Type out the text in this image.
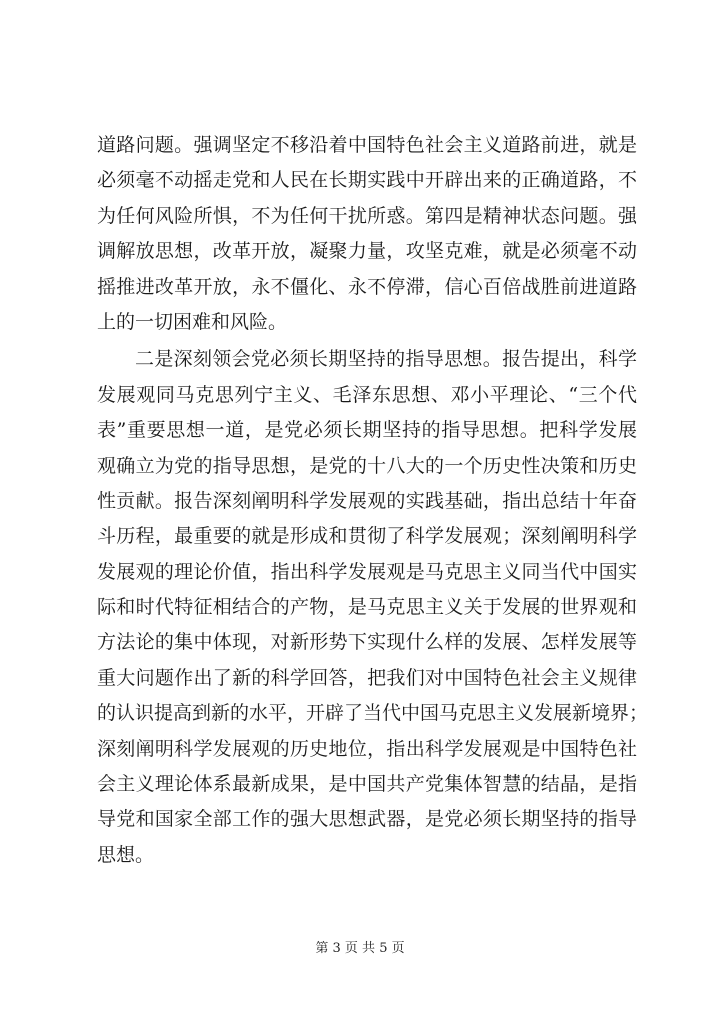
道路问题。强调坚定不移沿着中国特色社会主义道路前进，就是
必须毫不动摇走党和人民在长期实践中开辟出来的正确道路，不
为任何风险所惧，不为任何干扰所惑。第四是精神状态问题。强
调解放思想，改革开放，凝聚力量，攻坚克难，就是必须毫不动
摇推进改革开放，永不僵化、永不停滞，信心百倍战胜前进道路
上的一切困难和风险。
二是深刻领会党必须长期坚持的指导思想。报告提出，科学
发展观同马克思列宁主义、毛泽东思想、邓小平理论、“三个代
表”重要思想一道，是党必须长期坚持的指导思想。把科学发展
观确立为党的指导思想，是党的十八大的一个历史性决策和历史
性贡献。报告深刻阐明科学发展观的实践基础，指出总结十年奋
斗历程，最重要的就是形成和贯彻了科学发展观；深刻阐明科学
发展观的理论价值，指出科学发展观是马克思主义同当代中国实
际和时代特征相结合的产物，是马克思主义关于发展的世界观和
方法论的集中体现，对新形势下实现什么样的发展、怎样发展等
重大问题作出了新的科学回答，把我们对中国特色社会主义规律
的认识提高到新的水平，开辟了当代中国马克思主义发展新境界；
深刻阐明科学发展观的历史地位，指出科学发展观是中国特色社
会主义理论体系最新成果，是中国共产党集体智慧的结晶，是指
导党和国家全部工作的强大思想武器，是党必须长期坚持的指导
思想。
第 3 页 共 5 页
